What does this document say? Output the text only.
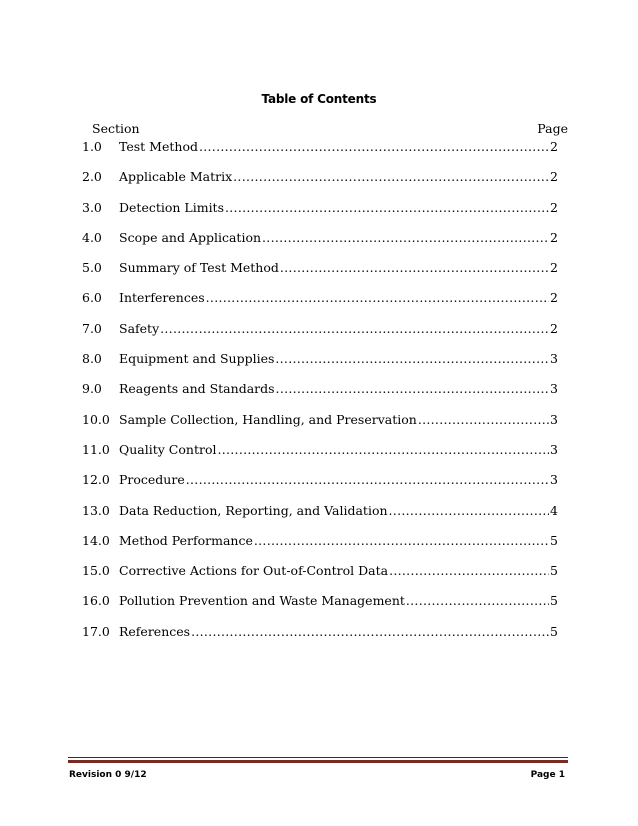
Table of Contents
Section	Page
1.0	Test Method .....	2
2.0	Applicable Matrix .....	2
3.0	Detection Limits .....	2
4.0	Scope and Application .....	2
5.0	Summary of Test Method .....	2
6.0	Interferences .....	2
7.0	Safety .....	2
8.0	Equipment and Supplies .....	3
9.0	Reagents and Standards .....	3
10.0 Sample Collection, Handling, and Preservation .....	3
11.0 Quality Control .....	3
12.0 Procedure .....	3
13.0 Data Reduction, Reporting, and Validation .....	4
14.0 Method Performance .....	5
15.0 Corrective Actions for Out-of-Control Data .....	5
16.0 Pollution Prevention and Waste Management .....	5
17.0 References .....	5
Revision 0 9/12	Page 1
